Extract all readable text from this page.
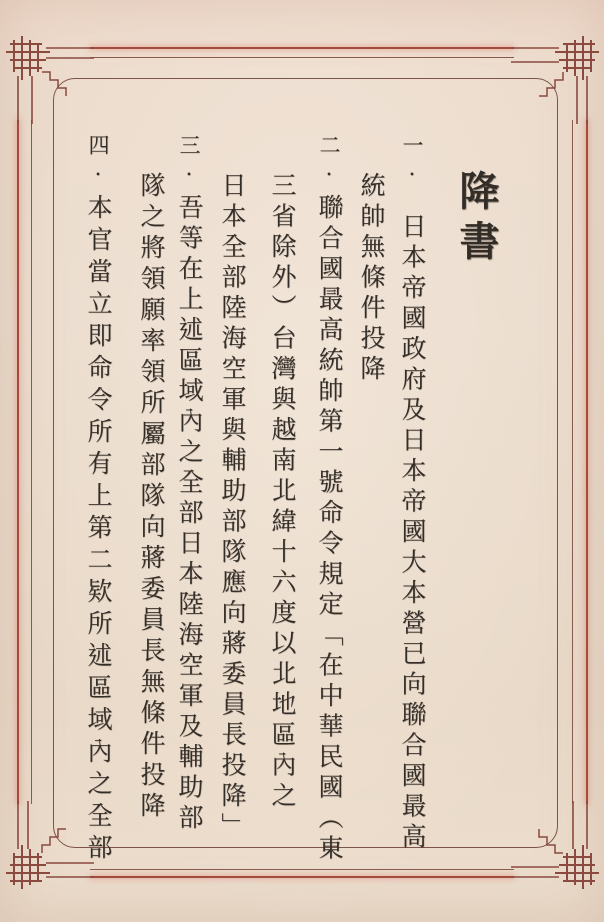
降書
一.日本帝國政府及日本帝國大本營已向聯合國最高
統帥無條件投降
二.聯合國最高統帥第一號命令規定「在中華民國（東
三省除外）台灣與越南北緯十六度以北地區內之
日本全部陸海空軍與輔助部隊應向蔣委員長投降」
三.吾等在上述區域內之全部日本陸海空軍及輔助部
隊之將領願率領所屬部隊向蔣委員長無條件投降
四.本官當立即命令所有上第二欵所述區域內之全部
